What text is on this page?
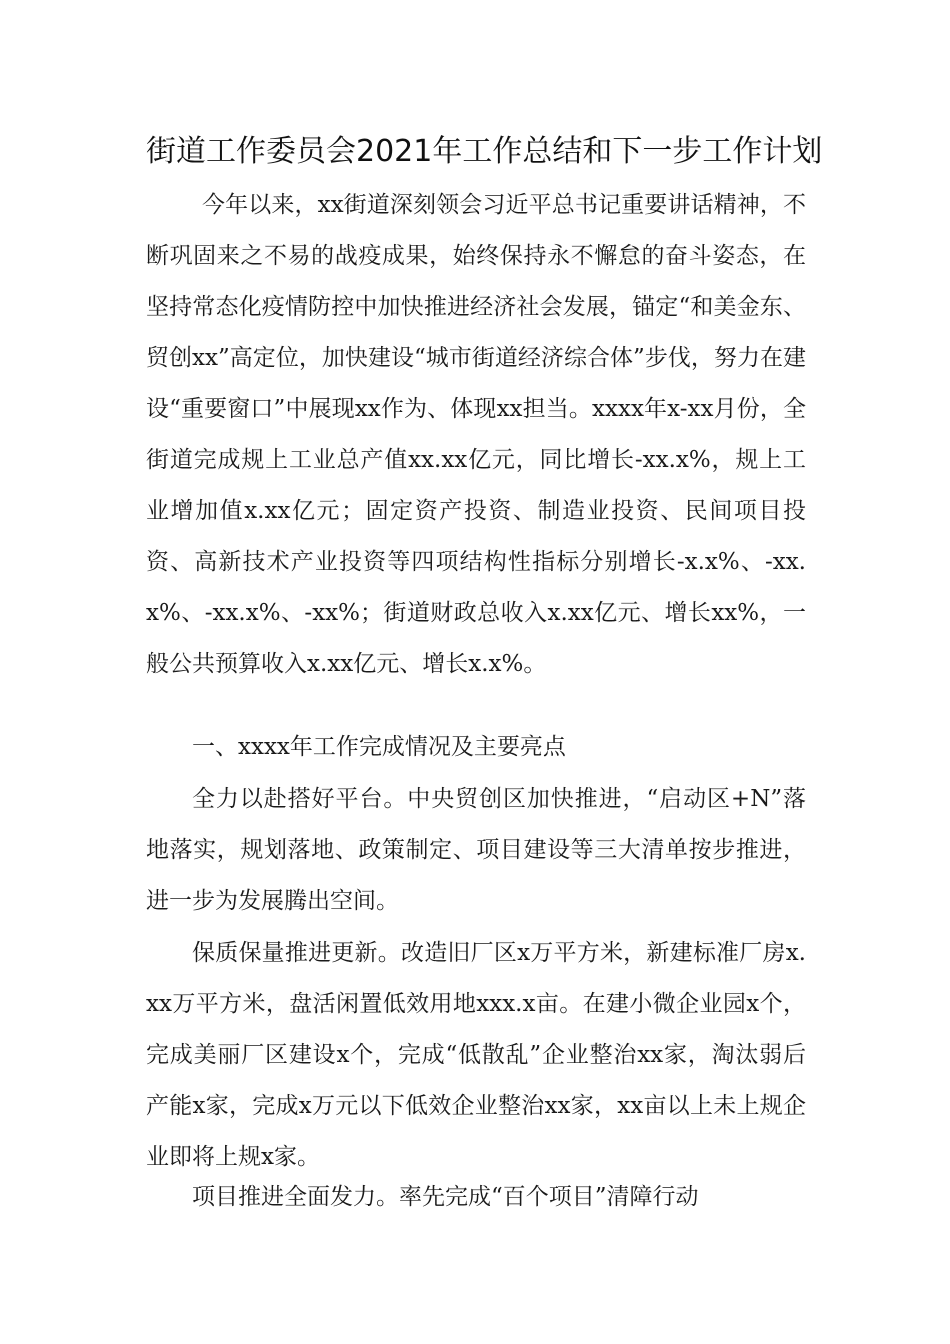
街道工作委员会2021年工作总结和下一步工作计划

今年以来，xx街道深刻领会习近平总书记重要讲话精神，不断巩固来之不易的战疫成果，始终保持永不懈怠的奋斗姿态，在坚持常态化疫情防控中加快推进经济社会发展，锚定“和美金东、贸创xx”高定位，加快建设“城市街道经济综合体”步伐，努力在建设“重要窗口”中展现xx作为、体现xx担当。xxxx年x-xx月份，全街道完成规上工业总产值xx.xx亿元，同比增长-xx.x%，规上工业增加值x.xx亿元；固定资产投资、制造业投资、民间项目投资、高新技术产业投资等四项结构性指标分别增长-x.x%、-xx.x%、-xx.x%、-xx%；街道财政总收入x.xx亿元、增长xx%，一般公共预算收入x.xx亿元、增长x.x%。

一、xxxx年工作完成情况及主要亮点

全力以赴搭好平台。中央贸创区加快推进，“启动区+N”落地落实，规划落地、政策制定、项目建设等三大清单按步推进，进一步为发展腾出空间。

保质保量推进更新。改造旧厂区x万平方米，新建标准厂房x.xx万平方米，盘活闲置低效用地xxx.x亩。在建小微企业园x个，完成美丽厂区建设x个，完成“低散乱”企业整治xx家，淘汰弱后产能x家，完成x万元以下低效企业整治xx家，xx亩以上未上规企业即将上规x家。

项目推进全面发力。率先完成“百个项目”清障行动
